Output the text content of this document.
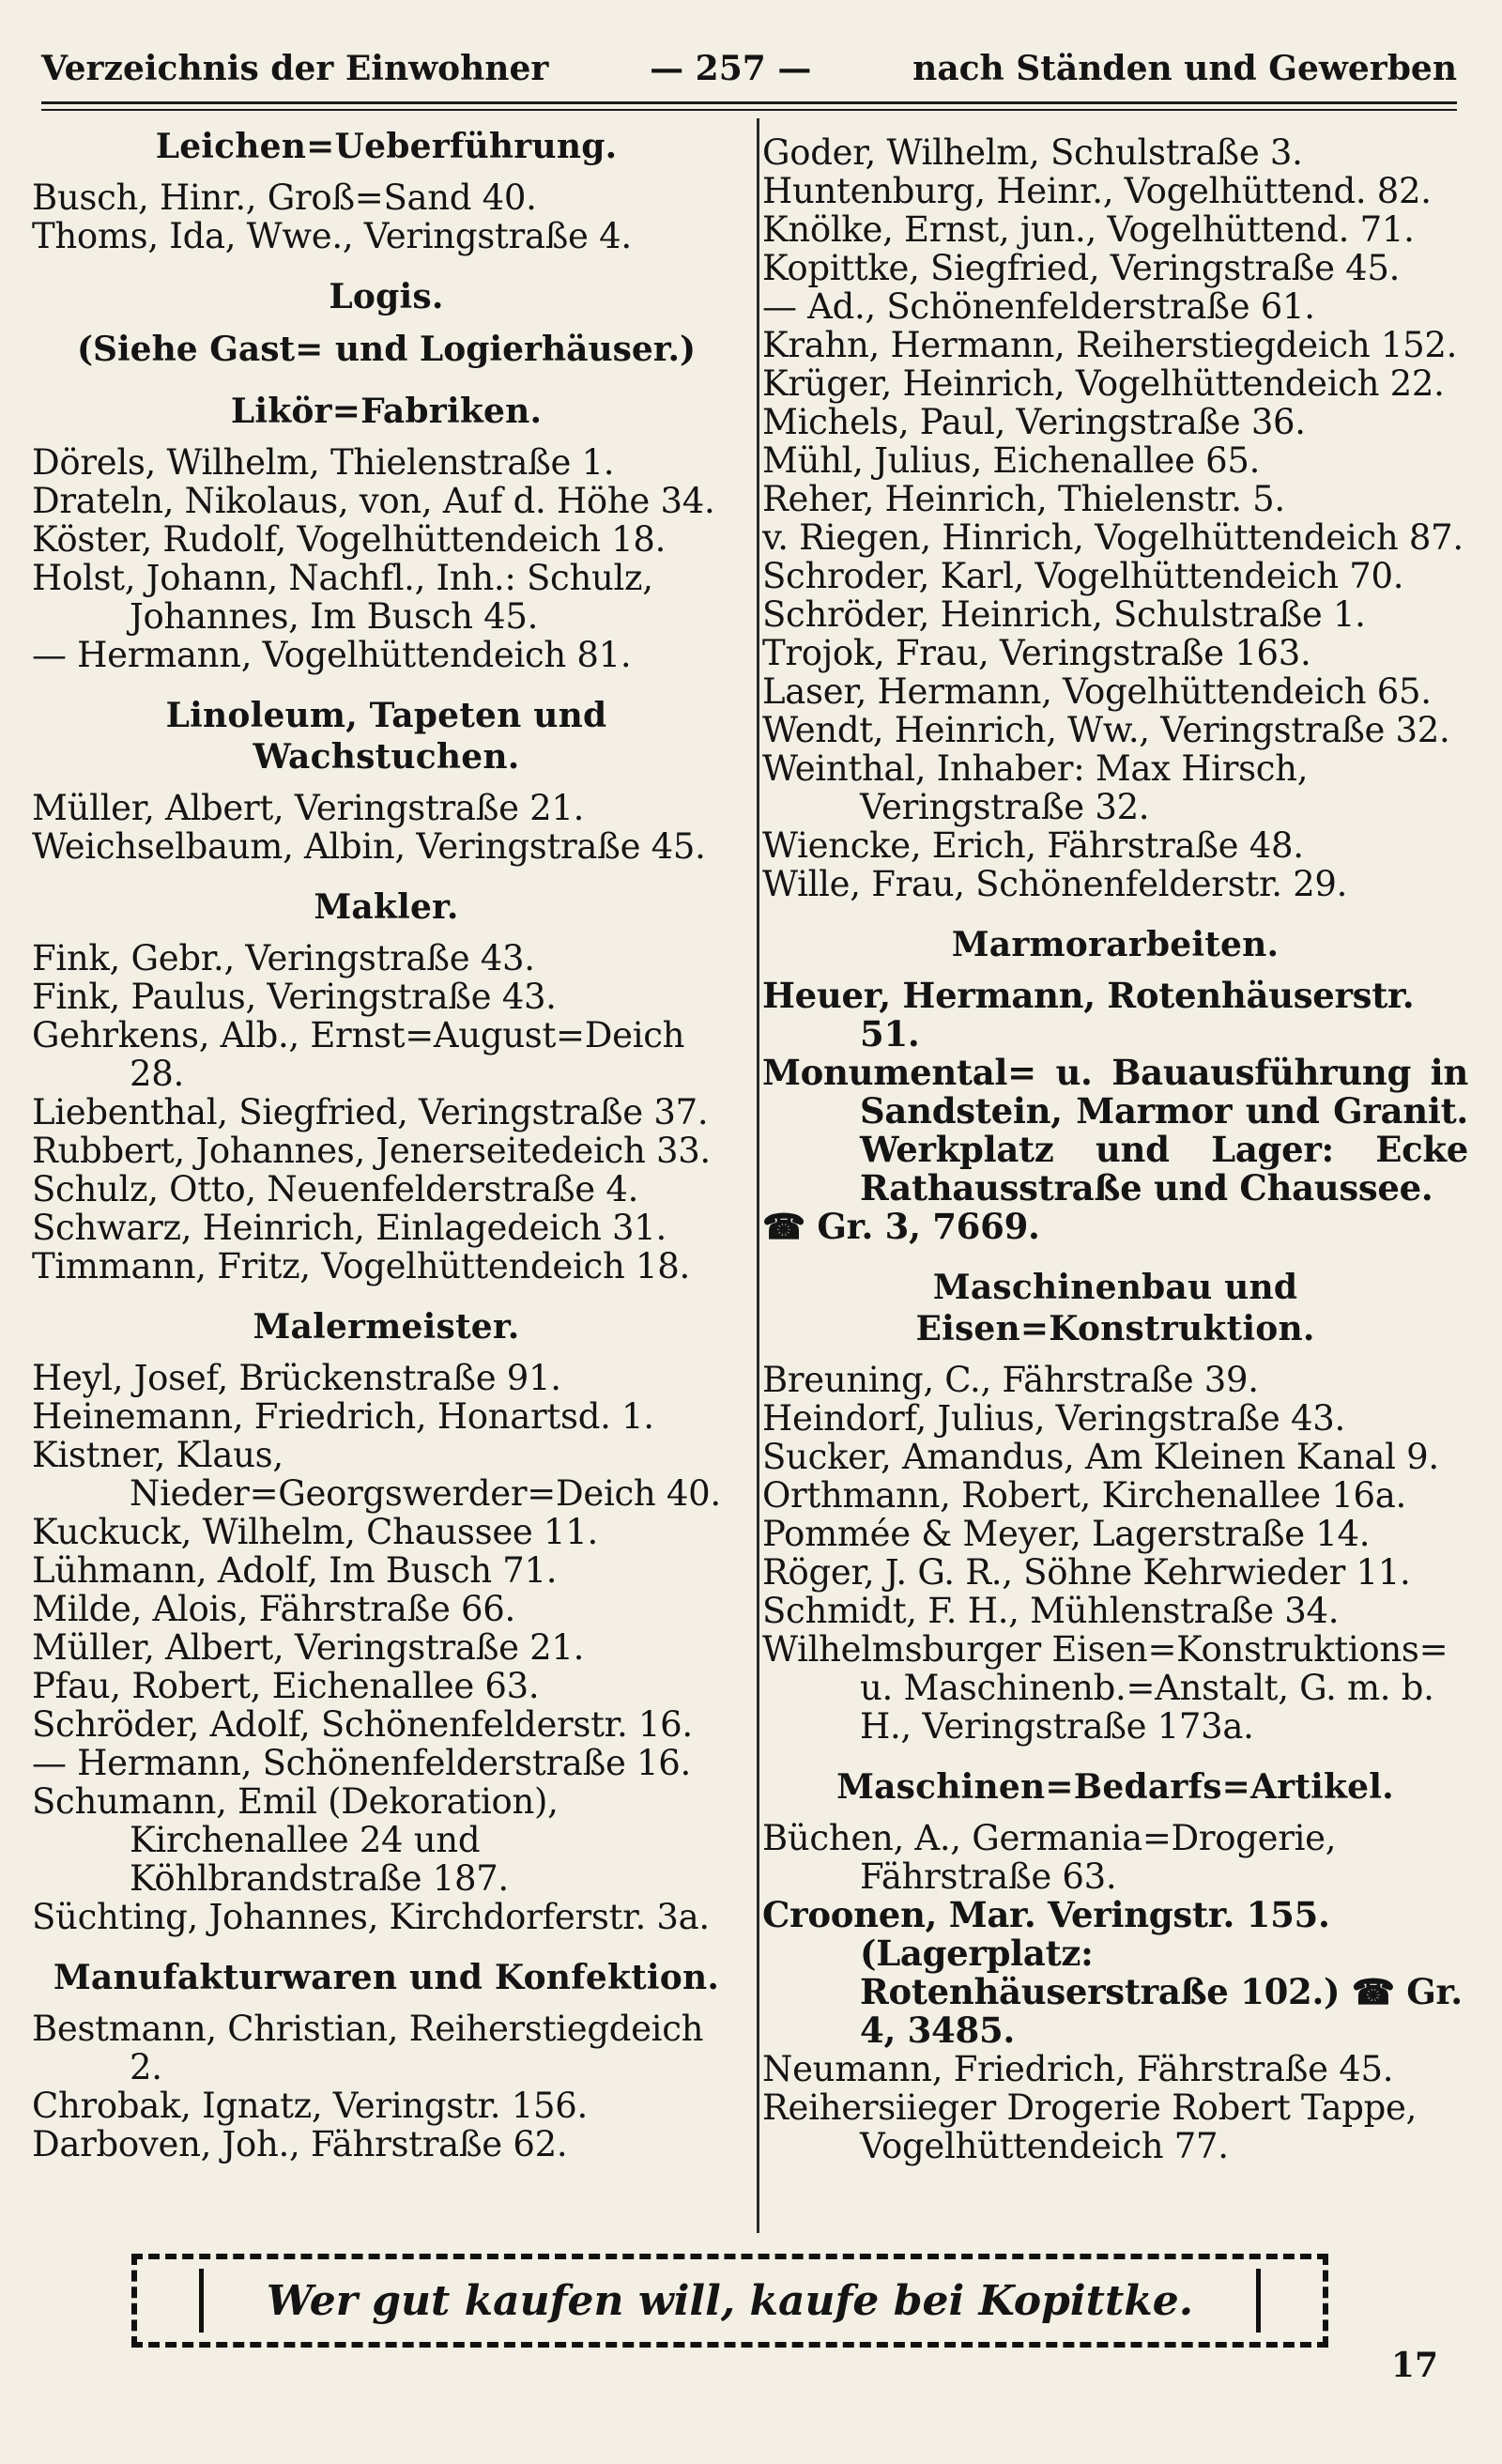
Verzeichnis der Einwohner	— 257 —	nach Ständen und Gewerben
Leichen=Ueberführung.
Busch, Hinr., Groß=Sand 40.
Thoms, Ida, Wwe., Veringstraße 4.
Logis.
(Siehe Gast= und Logierhäuser.)
Likör=Fabriken.
Dörels, Wilhelm, Thielenstraße 1.
Drateln, Nikolaus, von, Auf d. Höhe 34.
Köster, Rudolf, Vogelhüttendeich 18.
Holst, Johann, Nachfl., Inh.: Schulz, Johannes, Im Busch 45.
— Hermann, Vogelhüttendeich 81.
Linoleum, Tapeten und Wachstuchen.
Müller, Albert, Veringstraße 21.
Weichselbaum, Albin, Veringstraße 45.
Makler.
Fink, Gebr., Veringstraße 43.
Fink, Paulus, Veringstraße 43.
Gehrkens, Alb., Ernst=August=Deich 28.
Liebenthal, Siegfried, Veringstraße 37.
Rubbert, Johannes, Jenerseitedeich 33.
Schulz, Otto, Neuenfelderstraße 4.
Schwarz, Heinrich, Einlagedeich 31.
Timmann, Fritz, Vogelhüttendeich 18.
Malermeister.
Heyl, Josef, Brückenstraße 91.
Heinemann, Friedrich, Honartsd. 1.
Kistner, Klaus, Nieder=Georgswerder=Deich 40.
Kuckuck, Wilhelm, Chaussee 11.
Lühmann, Adolf, Im Busch 71.
Milde, Alois, Fährstraße 66.
Müller, Albert, Veringstraße 21.
Pfau, Robert, Eichenallee 63.
Schröder, Adolf, Schönenfelderstr. 16.
— Hermann, Schönenfelderstraße 16.
Schumann, Emil (Dekoration), Kirchenallee 24 und Köhlbrandstraße 187.
Süchting, Johannes, Kirchdorferstr. 3a.
Manufakturwaren und Konfektion.
Bestmann, Christian, Reiherstiegdeich 2.
Chrobak, Ignatz, Veringstr. 156.
Darboven, Joh., Fährstraße 62.
Goder, Wilhelm, Schulstraße 3.
Huntenburg, Heinr., Vogelhüttend. 82.
Knölke, Ernst, jun., Vogelhüttend. 71.
Kopittke, Siegfried, Veringstraße 45.
— Ad., Schönenfelderstraße 61.
Krahn, Hermann, Reiherstiegdeich 152.
Krüger, Heinrich, Vogelhüttendeich 22.
Michels, Paul, Veringstraße 36.
Mühl, Julius, Eichenallee 65.
Reher, Heinrich, Thielenstr. 5.
v. Riegen, Hinrich, Vogelhüttendeich 87.
Schroder, Karl, Vogelhüttendeich 70.
Schröder, Heinrich, Schulstraße 1.
Trojok, Frau, Veringstraße 163.
Laser, Hermann, Vogelhüttendeich 65.
Wendt, Heinrich, Ww., Veringstraße 32.
Weinthal, Inhaber: Max Hirsch, Veringstraße 32.
Wiencke, Erich, Fährstraße 48.
Wille, Frau, Schönenfelderstr. 29.
Marmorarbeiten.
Heuer, Hermann, Rotenhäuserstr. 51.
Monumental= u. Bauausführung in Sandstein, Marmor und Granit. Werkplatz und Lager: Ecke Rathausstraße und Chaussee.
☎ Gr. 3, 7669.
Maschinenbau und Eisen=Konstruktion.
Breuning, C., Fährstraße 39.
Heindorf, Julius, Veringstraße 43.
Sucker, Amandus, Am Kleinen Kanal 9.
Orthmann, Robert, Kirchenallee 16a.
Pommée & Meyer, Lagerstraße 14.
Röger, J. G. R., Söhne Kehrwieder 11.
Schmidt, F. H., Mühlenstraße 34.
Wilhelmsburger Eisen=Konstruktions= u. Maschinenb.=Anstalt, G. m. b. H., Veringstraße 173a.
Maschinen=Bedarfs=Artikel.
Büchen, A., Germania=Drogerie, Fährstraße 63.
Croonen, Mar. Veringstr. 155. (Lagerplatz: Rotenhäuserstraße 102.) ☎ Gr. 4, 3485.
Neumann, Friedrich, Fährstraße 45.
Reihersiieger Drogerie Robert Tappe, Vogelhüttendeich 77.
Wer gut kaufen will, kaufe bei Kopittke.
17
